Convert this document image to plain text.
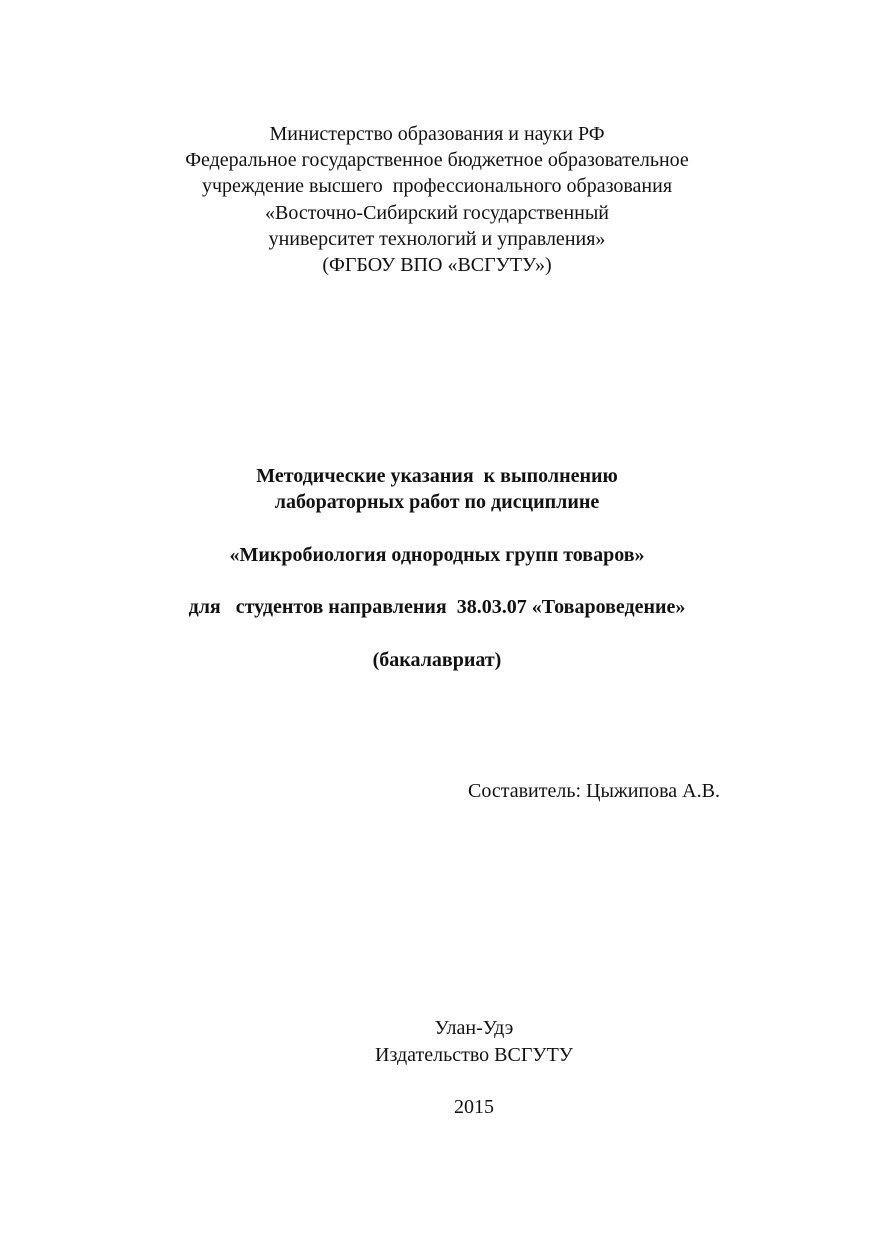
Министерство образования и науки РФ
Федеральное государственное бюджетное образовательное
учреждение высшего  профессионального образования
«Восточно-Сибирский государственный
университет технологий и управления»
(ФГБОУ ВПО «ВСГУТУ»)
Методические указания  к выполнению
лабораторных работ по дисциплине
«Микробиология однородных групп товаров»
для   студентов направления  38.03.07 «Товароведение»
(бакалавриат)
Составитель: Цыжипова А.В.
Улан-Удэ
Издательство ВСГУТУ
2015
